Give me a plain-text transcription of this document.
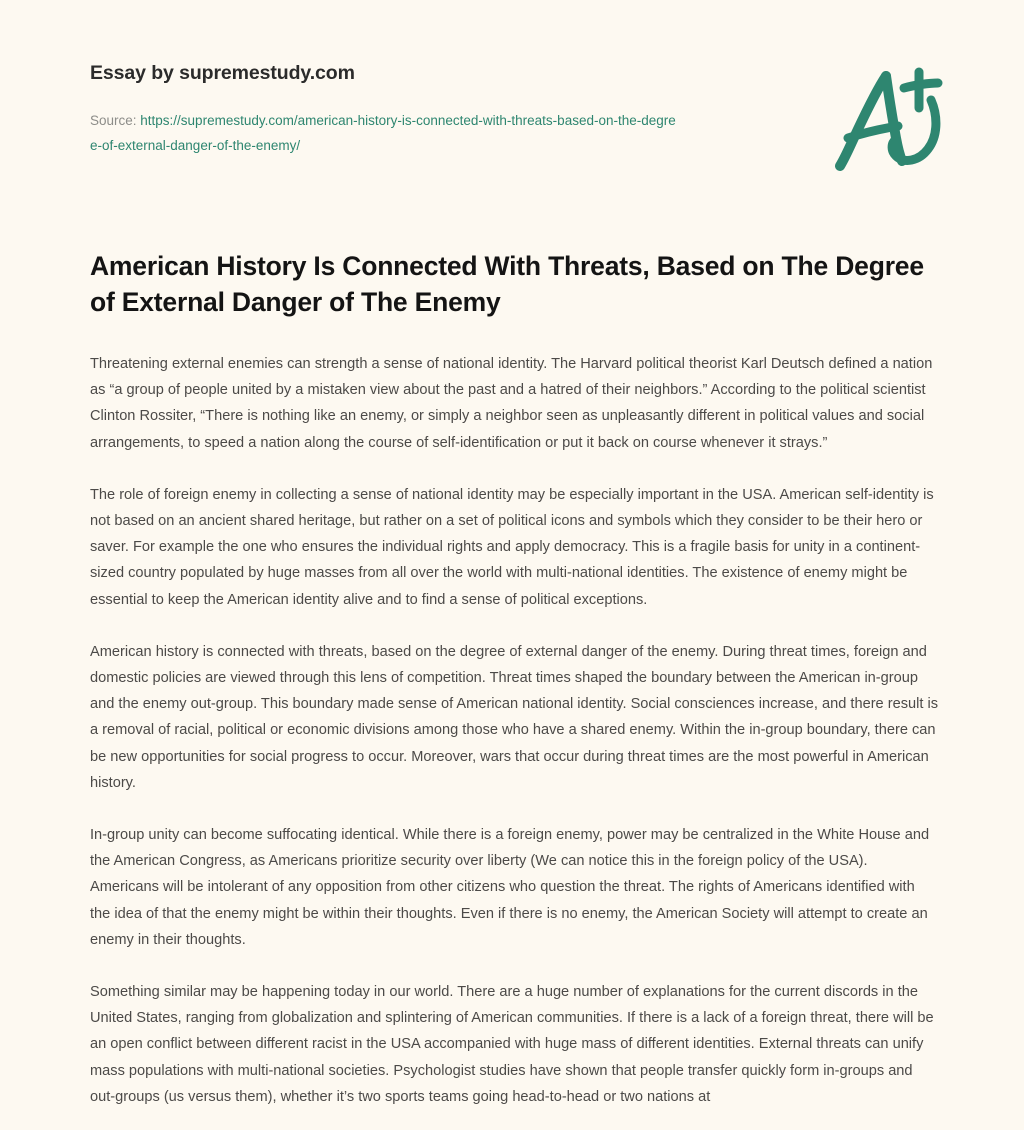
Essay by supremestudy.com
Source: https://supremestudy.com/american-history-is-connected-with-threats-based-on-the-degree-of-external-danger-of-the-enemy/
American History Is Connected With Threats, Based on The Degree of External Danger of The Enemy

Threatening external enemies can strength a sense of national identity. The Harvard political theorist Karl Deutsch defined a nation as “a group of people united by a mistaken view about the past and a hatred of their neighbors.” According to the political scientist Clinton Rossiter, “There is nothing like an enemy, or simply a neighbor seen as unpleasantly different in political values and social arrangements, to speed a nation along the course of self-identification or put it back on course whenever it strays.”

The role of foreign enemy in collecting a sense of national identity may be especially important in the USA. American self-identity is not based on an ancient shared heritage, but rather on a set of political icons and symbols which they consider to be their hero or saver. For example the one who ensures the individual rights and apply democracy. This is a fragile basis for unity in a continent-sized country populated by huge masses from all over the world with multi-national identities. The existence of enemy might be essential to keep the American identity alive and to find a sense of political exceptions.

American history is connected with threats, based on the degree of external danger of the enemy. During threat times, foreign and domestic policies are viewed through this lens of competition. Threat times shaped the boundary between the American in-group and the enemy out-group. This boundary made sense of American national identity. Social consciences increase, and there result is a removal of racial, political or economic divisions among those who have a shared enemy. Within the in-group boundary, there can be new opportunities for social progress to occur. Moreover, wars that occur during threat times are the most powerful in American history.

In-group unity can become suffocating identical. While there is a foreign enemy, power may be centralized in the White House and the American Congress, as Americans prioritize security over liberty (We can notice this in the foreign policy of the USA). Americans will be intolerant of any opposition from other citizens who question the threat. The rights of Americans identified with the idea of that the enemy might be within their thoughts. Even if there is no enemy, the American Society will attempt to create an enemy in their thoughts.

Something similar may be happening today in our world. There are a huge number of explanations for the current discords in the United States, ranging from globalization and splintering of American communities. If there is a lack of a foreign threat, there will be an open conflict between different racist in the USA accompanied with huge mass of different identities. External threats can unify mass populations with multi-national societies. Psychologist studies have shown that people transfer quickly form in-groups and out-groups (us versus them), whether it’s two sports teams going head-to-head or two nations at
